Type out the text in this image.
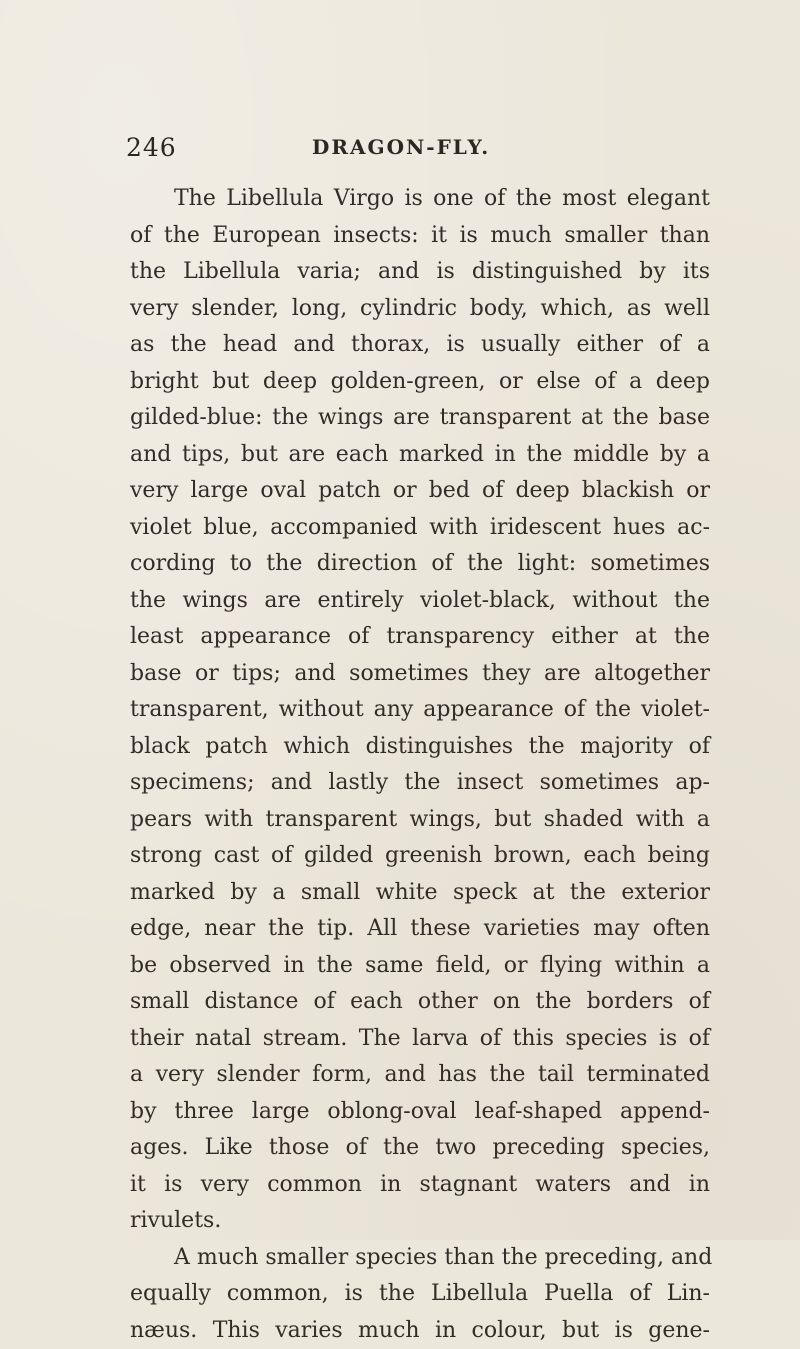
246	DRAGON-FLY.
The Libellula Virgo is one of the most elegant
of the European insects: it is much smaller than
the Libellula varia; and is distinguished by its
very slender, long, cylindric body, which, as well
as the head and thorax, is usually either of a
bright but deep golden-green, or else of a deep
gilded-blue: the wings are transparent at the base
and tips, but are each marked in the middle by a
very large oval patch or bed of deep blackish or
violet blue, accompanied with iridescent hues ac-
cording to the direction of the light: sometimes
the wings are entirely violet-black, without the
least appearance of transparency either at the
base or tips; and sometimes they are altogether
transparent, without any appearance of the violet-
black patch which distinguishes the majority of
specimens; and lastly the insect sometimes ap-
pears with transparent wings, but shaded with a
strong cast of gilded greenish brown, each being
marked by a small white speck at the exterior
edge, near the tip. All these varieties may often
be observed in the same field, or flying within a
small distance of each other on the borders of
their natal stream. The larva of this species is of
a very slender form, and has the tail terminated
by three large oblong-oval leaf-shaped append-
ages. Like those of the two preceding species,
it is very common in stagnant waters and in
rivulets.
A much smaller species than the preceding, and
equally common, is the Libellula Puella of Lin-
næus. This varies much in colour, but is gene-
